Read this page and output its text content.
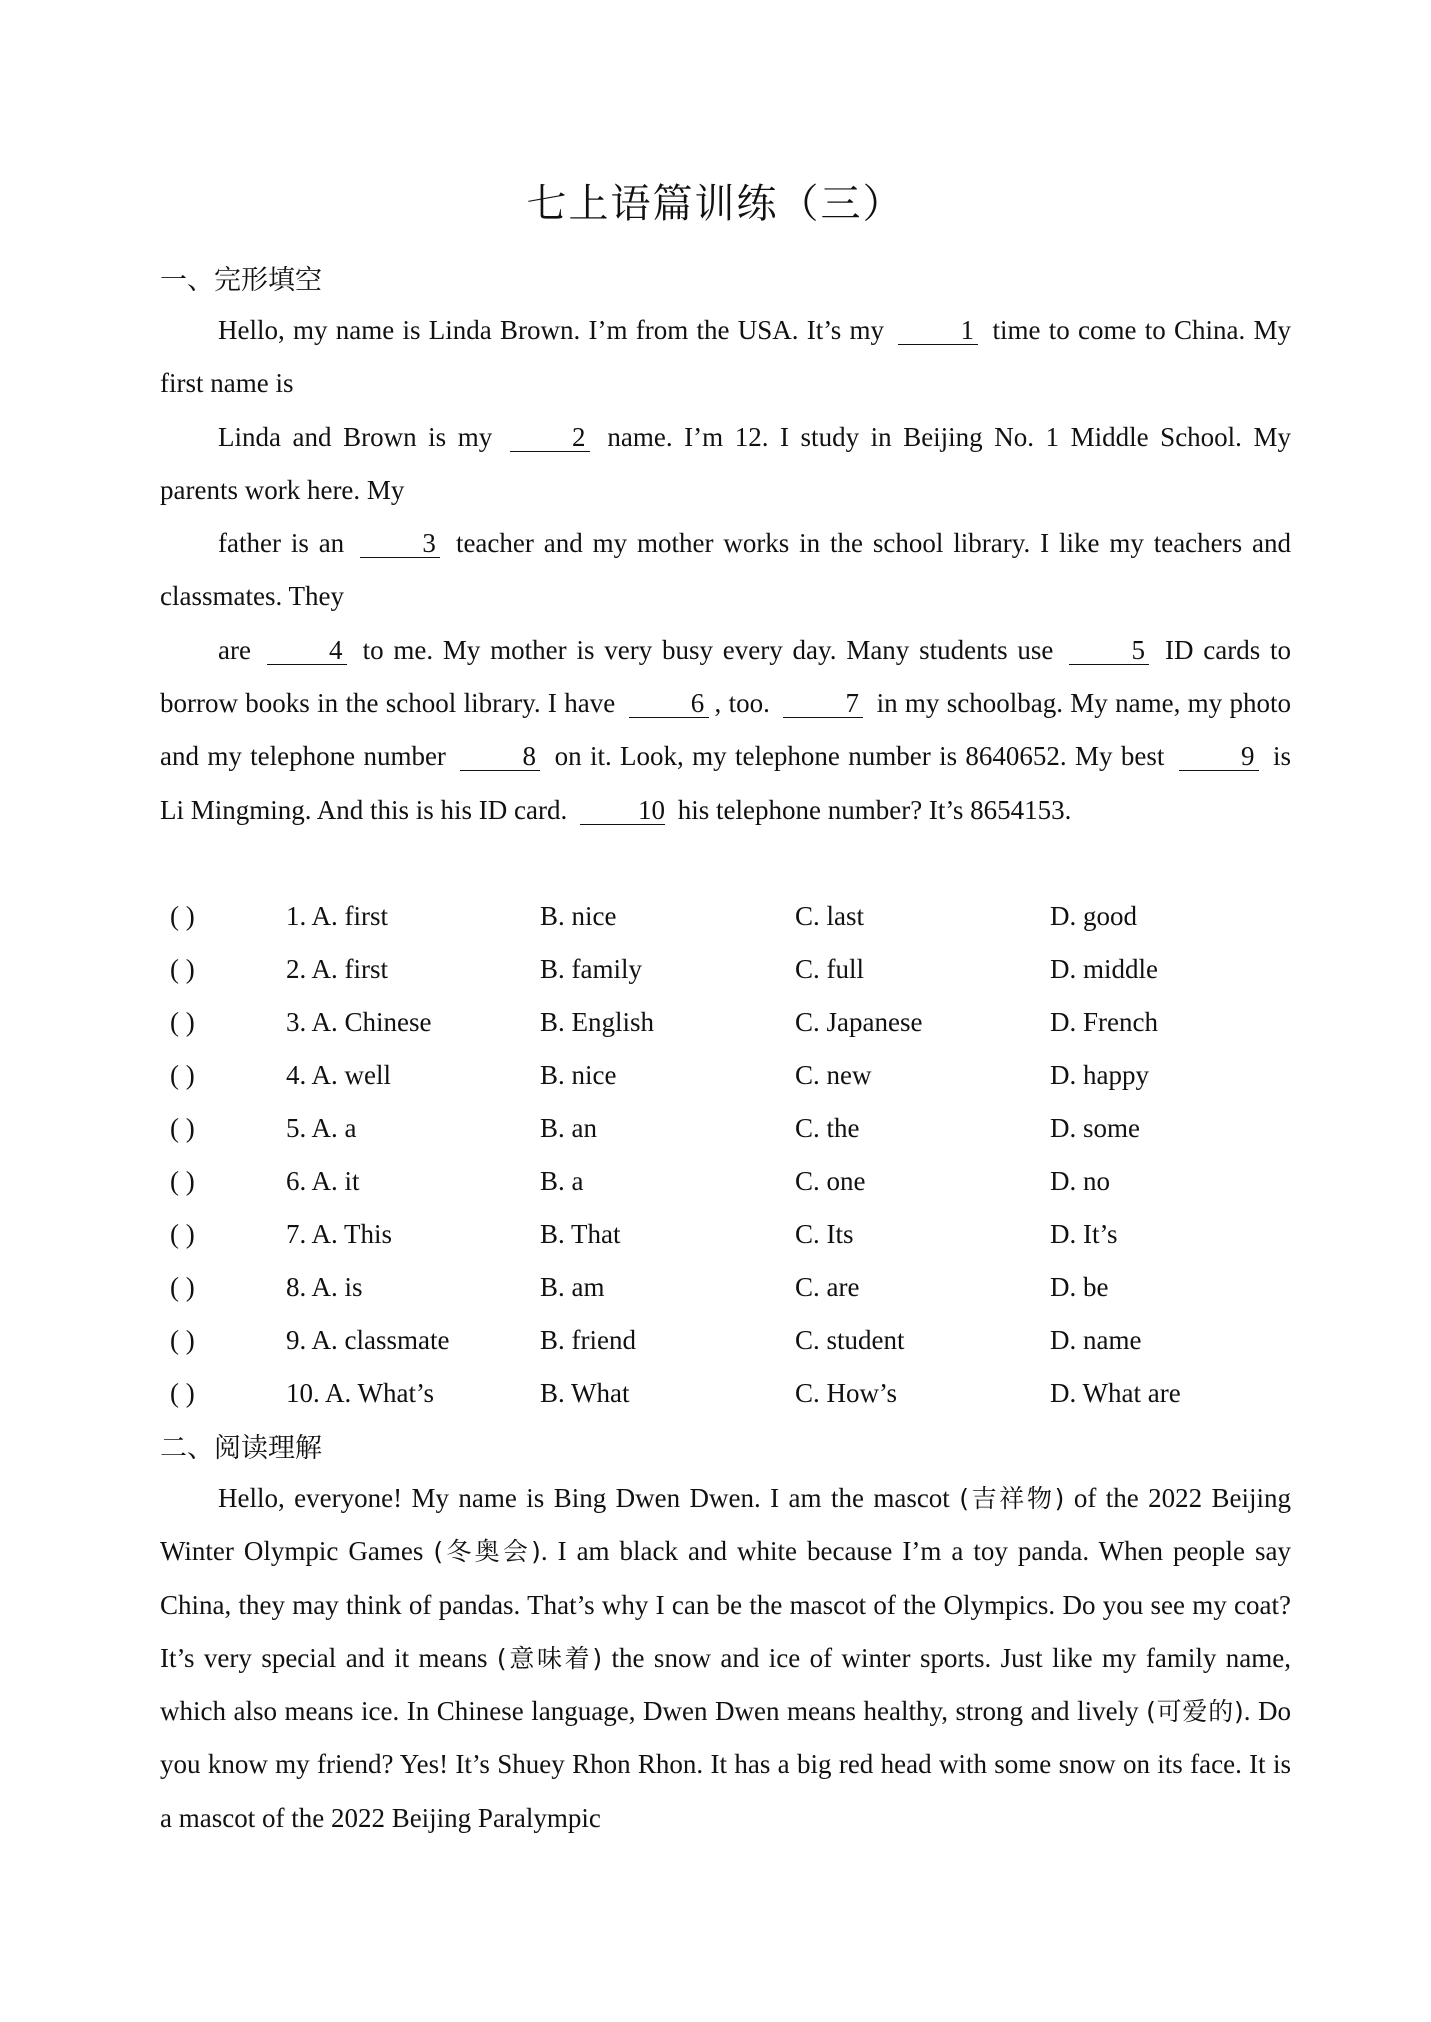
七上语篇训练（三）
一、完形填空

Hello, my name is Linda Brown. I’m from the USA. It’s my	1 time to come to China. My first name is

Linda and Brown is my	2 name. I’m 12. I study in Beijing No. 1 Middle School. My parents work here. My

father is an	3 teacher and my mother works in the school library. I like my teachers and classmates. They

are	4 to me. My mother is very busy every day. Many students use	5 ID cards to borrow books in the school library. I have	6 , too.	7 in my schoolbag. My name, my photo and my telephone number	8 on it. Look, my telephone number is 8640652. My best	9 is Li Mingming. And this is his ID card.	10 his telephone number? It’s 8654153.

( )	1. A. first	B. nice	C. last	D. good
( )	2. A. first	B. family	C. full	D. middle
( )	3. A. Chinese	B. English	C. Japanese	D. French
( )	4. A. well	B. nice	C. new	D. happy
( )	5. A. a	B. an	C. the	D. some
( )	6. A. it	B. a	C. one	D. no
( )	7. A. This	B. That	C. Its	D. It’s
( )	8. A. is	B. am	C. are	D. be
( )	9. A. classmate	B. friend	C. student	D. name
( )	10. A. What’s	B. What	C. How’s	D. What are
二、阅读理解

Hello, everyone! My name is Bing Dwen Dwen. I am the mascot (吉祥物) of the 2022 Beijing Winter Olympic Games (冬奥会). I am black and white because I’m a toy panda. When people say China, they may think of pandas. That’s why I can be the mascot of the Olympics. Do you see my coat? It’s very special and it means (意味着) the snow and ice of winter sports. Just like my family name, which also means ice. In Chinese language, Dwen Dwen means healthy, strong and lively (可爱的). Do you know my friend? Yes! It’s Shuey Rhon Rhon. It has a big red head with some snow on its face. It is a mascot of the 2022 Beijing Paralympic
